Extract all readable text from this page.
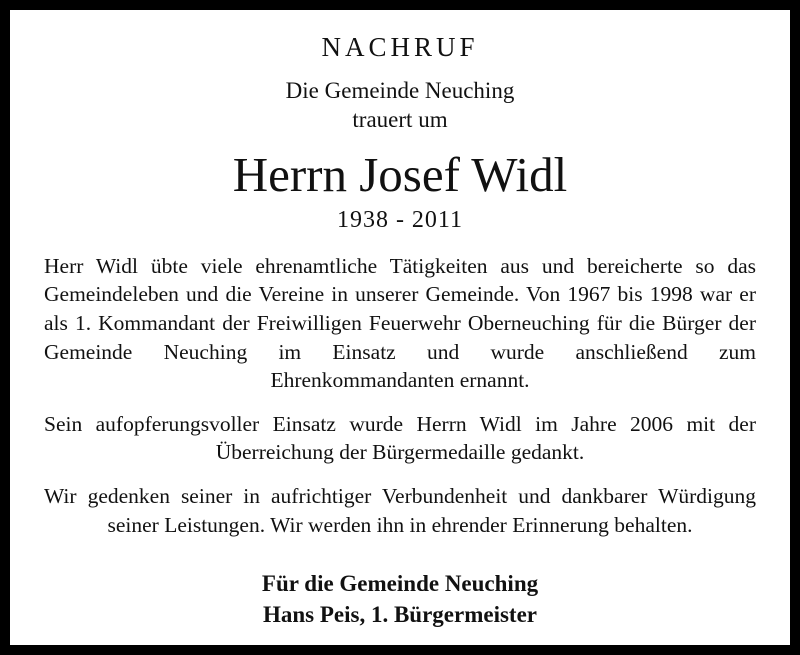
NACHRUF
Die Gemeinde Neuching
trauert um
Herrn Josef Widl
1938 - 2011

Herr Widl übte viele ehrenamtliche Tätigkeiten aus und bereicherte so das Gemeindeleben und die Vereine in unserer Gemeinde. Von 1967 bis 1998 war er als 1. Kommandant der Freiwilligen Feuerwehr Oberneuching für die Bürger der Gemeinde Neuching im Einsatz und wurde anschließend zum Ehrenkommandanten ernannt.

Sein aufopferungsvoller Einsatz wurde Herrn Widl im Jahre 2006 mit der Überreichung der Bürgermedaille gedankt.

Wir gedenken seiner in aufrichtiger Verbundenheit und dankbarer Würdigung seiner Leistungen. Wir werden ihn in ehrender Erinnerung behalten.

Für die Gemeinde Neuching
Hans Peis, 1. Bürgermeister
